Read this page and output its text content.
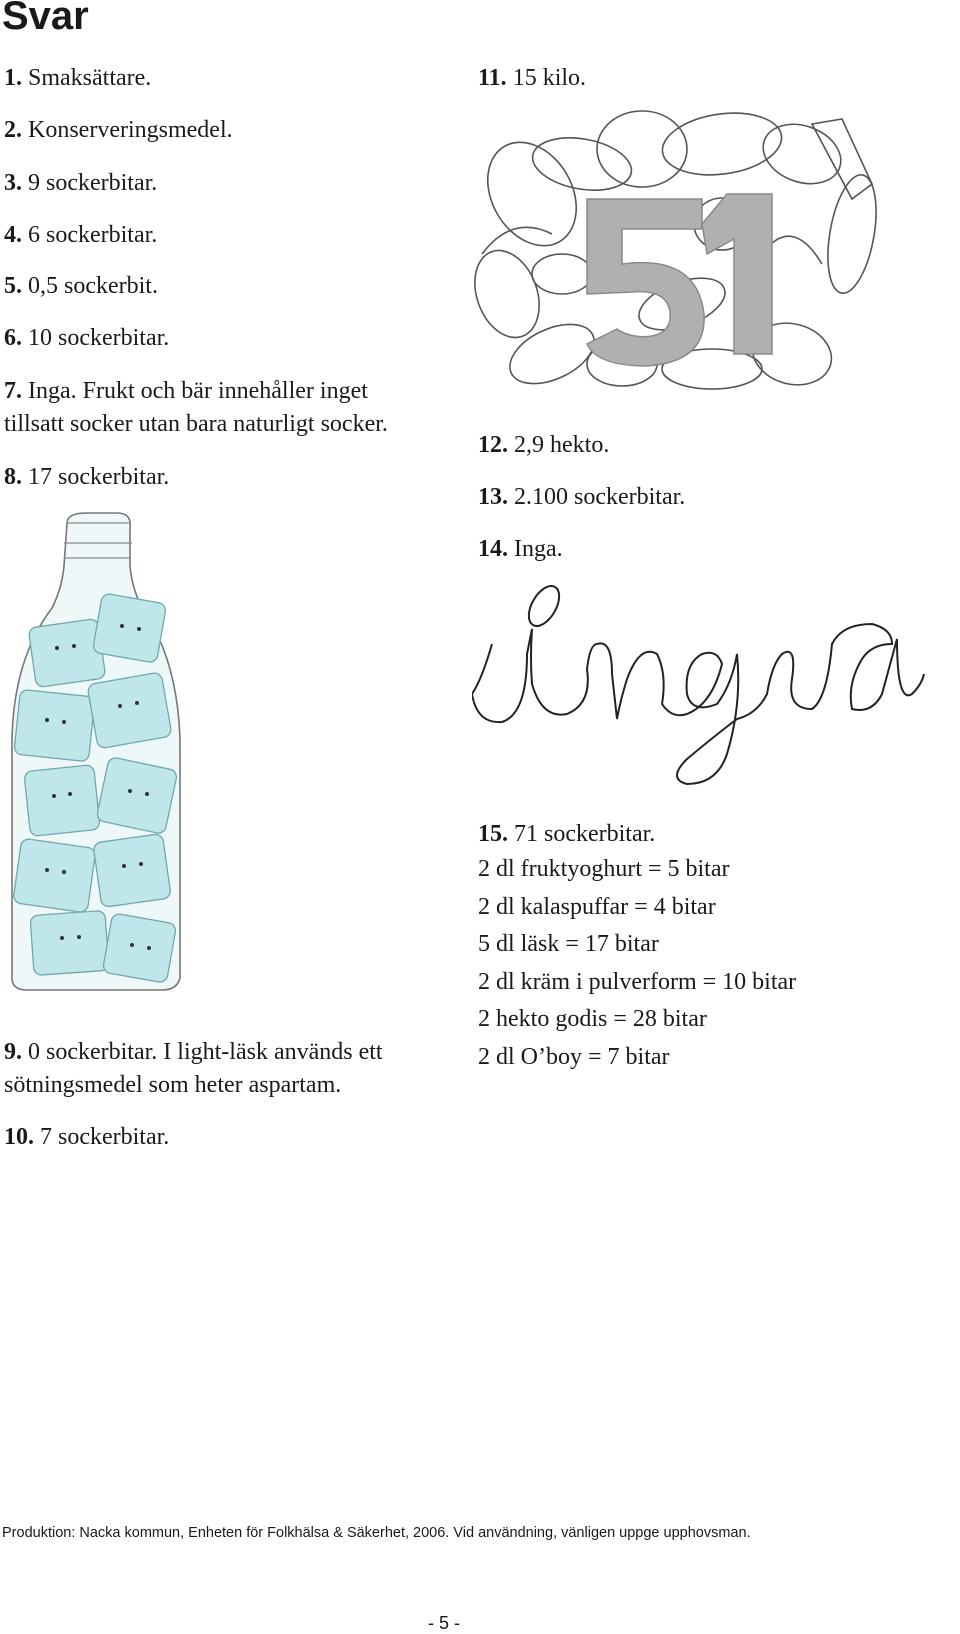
Svar

1. Smaksättare.

2. Konserveringsmedel.

3. 9 sockerbitar.

4. 6 sockerbitar.

5. 0,5 sockerbit.

6. 10 sockerbitar.

7. Inga. Frukt och bär innehåller inget
tillsatt socker utan bara naturligt socker.

8. 17 sockerbitar.

9. 0 sockerbitar. I light-läsk används ett
sötningsmedel som heter aspartam.

10. 7 sockerbitar.

11. 15 kilo.

12. 2,9 hekto.

13. 2.100 sockerbitar.

14. Inga.

15. 71 sockerbitar.

2 dl fruktyoghurt = 5 bitar
2 dl kalaspuffar = 4 bitar
5 dl läsk = 17 bitar
2 dl kräm i pulverform = 10 bitar
2 hekto godis = 28 bitar
2 dl O’boy = 7 bitar

Produktion: Nacka kommun, Enheten för Folkhälsa & Säkerhet, 2006. Vid användning, vänligen uppge upphovsman.

- 5 -
